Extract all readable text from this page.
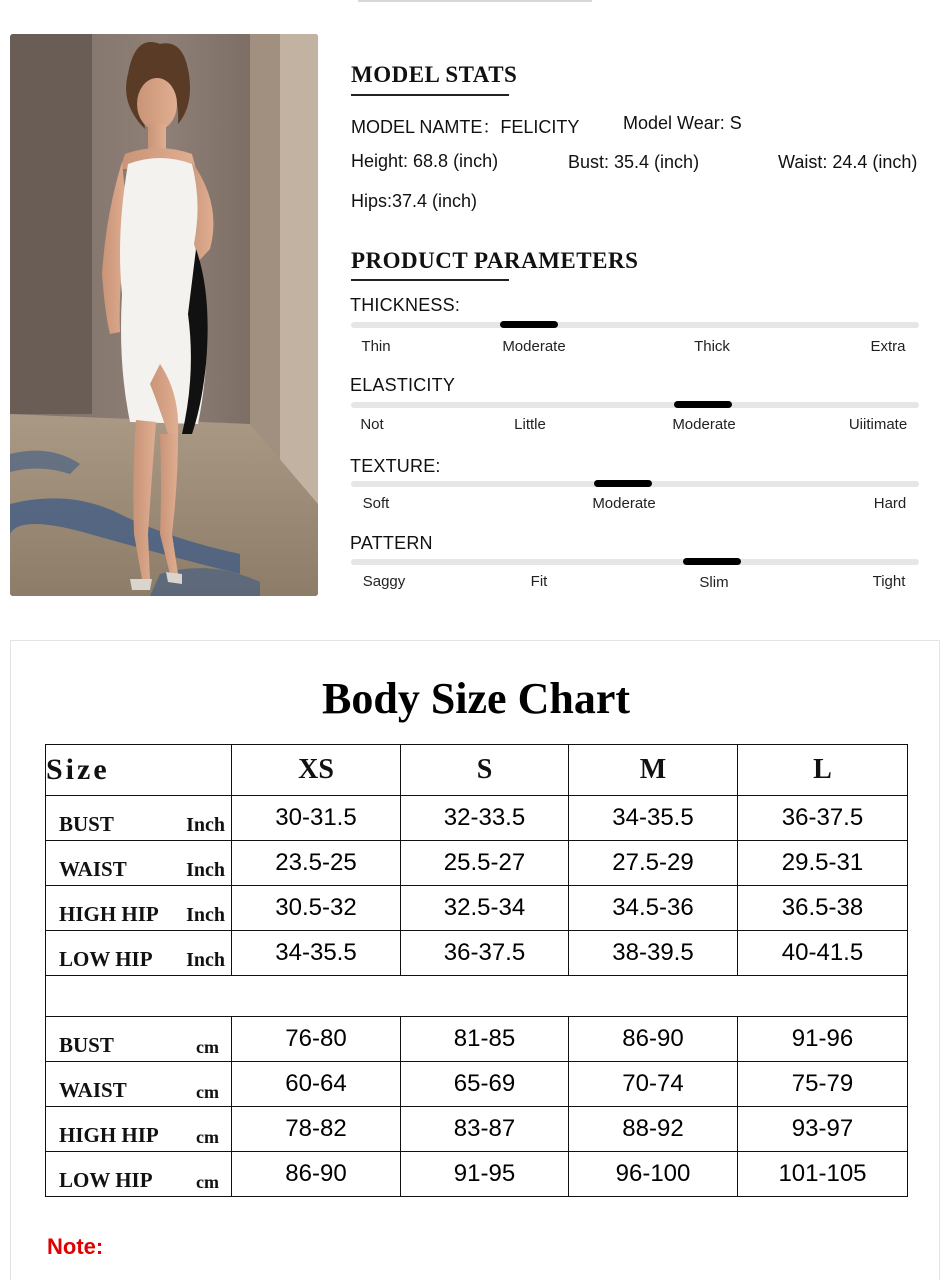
MODEL STATS
MODEL NAMTE：FELICITY Model Wear: S
Height: 68.8 (inch)	Bust: 35.4 (inch)	Waist: 24.4 (inch)
Hips:37.4 (inch)
PRODUCT PARAMETERS
THICKNESS:
Thin	Moderate	Thick	Extra
ELASTICITY
Not	Little	Moderate	Uiitimate
TEXTURE:
Soft	Moderate	Hard
PATTERN
Saggy	Fit	Slim	Tight
Body Size Chart
Size	XS	S	M	L

BUST Inch	30-31.5	32-33.5	34-35.5	36-37.5

WAIST Inch	23.5-25	25.5-27	27.5-29	29.5-31

HIGH HIP Inch	30.5-32	32.5-34	34.5-36	36.5-38

LOW HIP Inch	34-35.5	36-37.5	38-39.5	40-41.5

BUST cm	76-80	81-85	86-90	91-96

WAIST cm	60-64	65-69	70-74	75-79

HIGH HIP cm	78-82	83-87	88-92	93-97

LOW HIP cm	86-90	91-95	96-100	101-105
Note:
